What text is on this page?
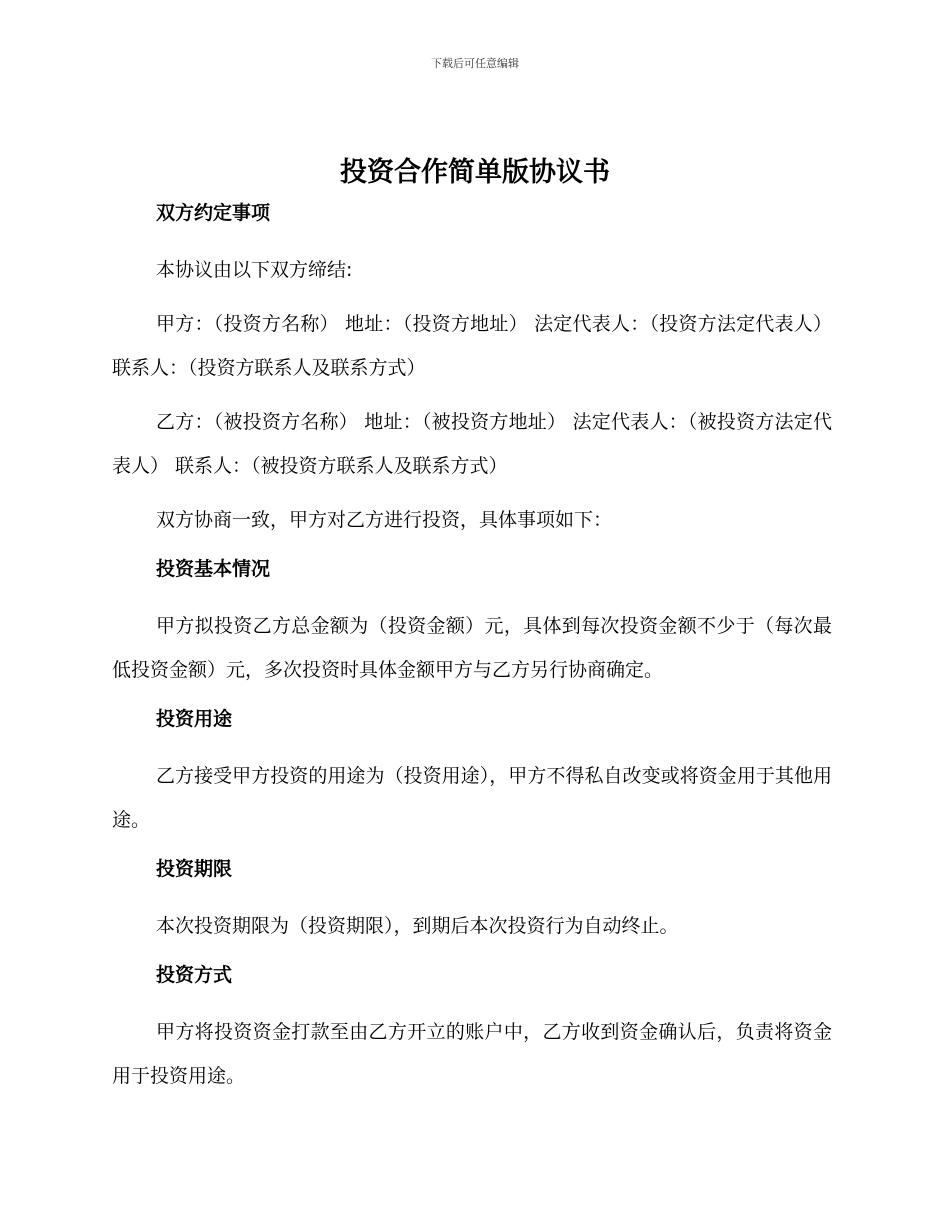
下载后可任意编辑
投资合作简单版协议书
双方约定事项
本协议由以下双方缔结:
甲方：（投资方名称） 地址：（投资方地址） 法定代表人：（投资方法定代表人） 联系人：（投资方联系人及联系方式）
乙方：（被投资方名称） 地址：（被投资方地址） 法定代表人：（被投资方法定代表人） 联系人：（被投资方联系人及联系方式）
双方协商一致，甲方对乙方进行投资，具体事项如下：
投资基本情况
甲方拟投资乙方总金额为（投资金额）元，具体到每次投资金额不少于（每次最低投资金额）元，多次投资时具体金额甲方与乙方另行协商确定。
投资用途
乙方接受甲方投资的用途为（投资用途），甲方不得私自改变或将资金用于其他用途。
投资期限
本次投资期限为（投资期限），到期后本次投资行为自动终止。
投资方式
甲方将投资资金打款至由乙方开立的账户中，乙方收到资金确认后，负责将资金用于投资用途。
